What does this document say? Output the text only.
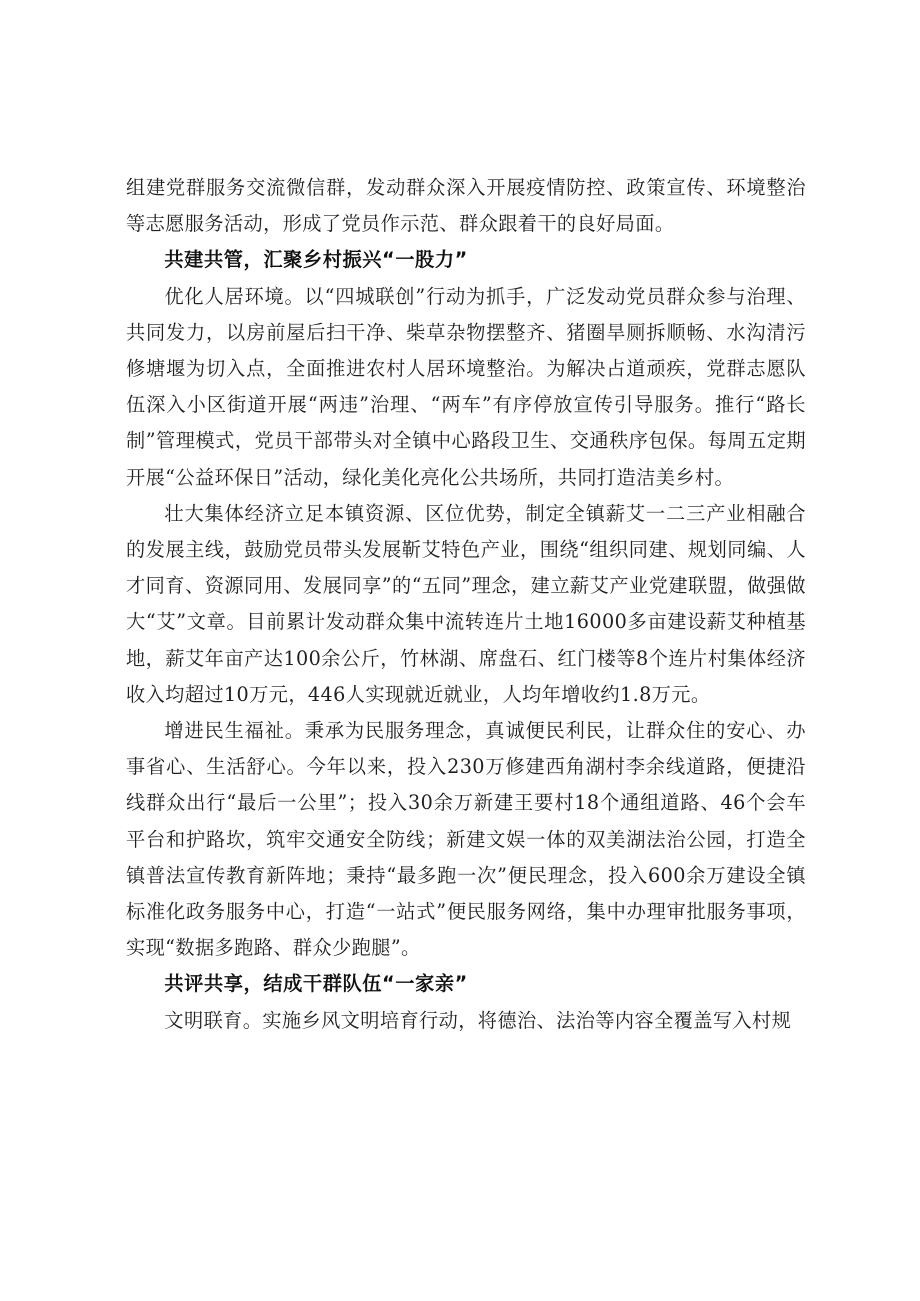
组建党群服务交流微信群，发动群众深入开展疫情防控、政策宣传、环境整治等志愿服务活动，形成了党员作示范、群众跟着干的良好局面。

共建共管，汇聚乡村振兴“一股力”

优化人居环境。以“四城联创”行动为抓手，广泛发动党员群众参与治理、共同发力，以房前屋后扫干净、柴草杂物摆整齐、猪圈旱厕拆顺畅、水沟清污修塘堰为切入点，全面推进农村人居环境整治。为解决占道顽疾，党群志愿队伍深入小区街道开展“两违”治理、“两车”有序停放宣传引导服务。推行“路长制”管理模式，党员干部带头对全镇中心路段卫生、交通秩序包保。每周五定期开展“公益环保日”活动，绿化美化亮化公共场所，共同打造洁美乡村。

壮大集体经济立足本镇资源、区位优势，制定全镇薪艾一二三产业相融合的发展主线，鼓励党员带头发展靳艾特色产业，围绕“组织同建、规划同编、人才同育、资源同用、发展同享”的“五同”理念，建立薪艾产业党建联盟，做强做大“艾”文章。目前累计发动群众集中流转连片土地16000多亩建设薪艾种植基地，薪艾年亩产达100余公斤，竹林湖、席盘石、红门楼等8个连片村集体经济收入均超过10万元，446人实现就近就业，人均年增收约1.8万元。

增进民生福祉。秉承为民服务理念，真诚便民利民，让群众住的安心、办事省心、生活舒心。今年以来，投入230万修建西角湖村李余线道路，便捷沿线群众出行“最后一公里”；投入30余万新建王要村18个通组道路、46个会车平台和护路坎，筑牢交通安全防线；新建文娱一体的双美湖法治公园，打造全镇普法宣传教育新阵地；秉持“最多跑一次”便民理念，投入600余万建设全镇标准化政务服务中心，打造“一站式”便民服务网络，集中办理审批服务事项，实现“数据多跑路、群众少跑腿”。

共评共享，结成干群队伍“一家亲”

文明联育。实施乡风文明培育行动，将德治、法治等内容全覆盖写入村规
